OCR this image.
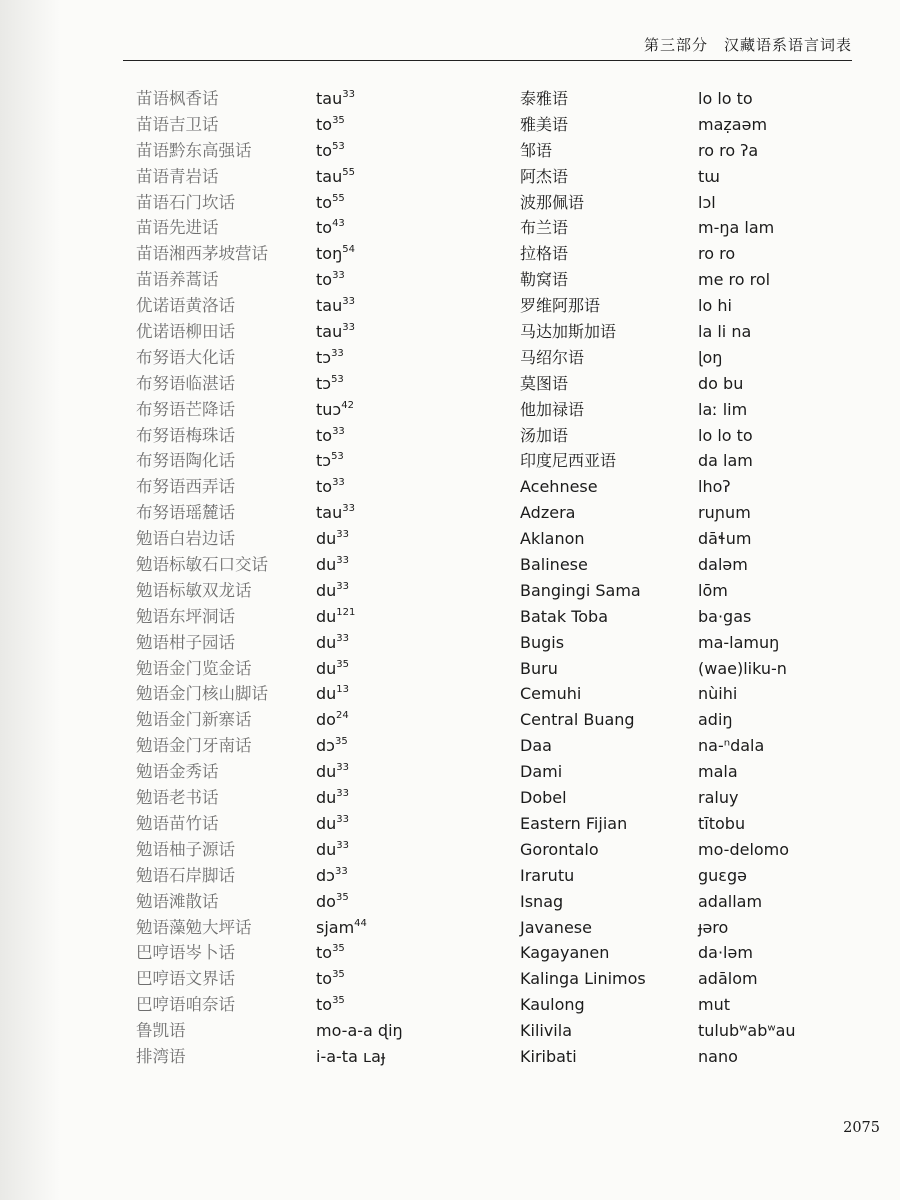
第三部分　汉藏语系语言词表
苗语枫香话
苗语吉卫话
苗语黔东高强话
苗语青岩话
苗语石门坎话
苗语先进话
苗语湘西茅坡营话
苗语养蒿话
优诺语黄洛话
优诺语柳田话
布努语大化话
布努语临湛话
布努语芒降话
布努语梅珠话
布努语陶化话
布努语西弄话
布努语瑶麓话
勉语白岩边话
勉语标敏石口交话
勉语标敏双龙话
勉语东坪洞话
勉语柑子园话
勉语金门览金话
勉语金门核山脚话
勉语金门新寨话
勉语金门牙南话
勉语金秀话
勉语老书话
勉语苗竹话
勉语柚子源话
勉语石岸脚话
勉语滩散话
勉语藻勉大坪话
巴哼语岑卜话
巴哼语文界话
巴哼语咱奈话
鲁凯语
排湾语
tau$^{33}$
$to^{35}$
$to^{53}$
tau$^{55}$
$to^{55}$
$to^{43}$
toŋ$^{54}$
$to^{33}$
tau$^{33}$
tau$^{33}$
tɔ$^{33}$
tɔ$^{53}$
tuɔ$^{42}$
$to^{33}$
tɔ$^{53}$
$to^{33}$
tau$^{33}$
$du^{33}$
$du^{33}$
$du^{33}$
$du^{121}$
$du^{33}$
$du^{35}$
$du^{13}$
$do^{24}$
dɔ$^{35}$
$du^{33}$
$du^{33}$
$du^{33}$
$du^{33}$
dɔ$^{33}$
$do^{35}$
sjam$^{44}$
$to^{35}$
$to^{35}$
$to^{35}$
mo-a-a ɖiŋ
i-a-ta ʟaɟ
泰雅语
雅美语
邹语
阿杰语
波那佩语
布兰语
拉格语
勒窝语
罗维阿那语
马达加斯加语
马绍尔语
莫图语
他加禄语
汤加语
印度尼西亚语
Acehnese
Adzera
Aklanon
Balinese
Bangingi Sama
Batak Toba
Bugis
Buru
Cemuhi
Central Buang
Daa
Dami
Dobel
Eastern Fijian
Gorontalo
Irarutu
Isnag
Javanese
Kagayanen
Kalinga Linimos
Kaulong
Kilivila
Kiribati
lo lo to
maẓaəm
ro ro ʔa
tɯ
lɔl
m-ŋa lam
ro ro
me ro rol
lo hi
la li na
ɭoŋ
do bu
laː lim
lo lo to
da lam
lhoʔ
ruɲum
dāɬum
daləm
lōm
ba·gas
ma-lamuŋ
(wae)liku-n
nùihi
adiŋ
na-ⁿdala
mala
raluy
tītobu
mo-delomo
guɛgə
adallam
ɟəro
da·ləm
adālom
mut
tulubʷabʷau
nano
2075
